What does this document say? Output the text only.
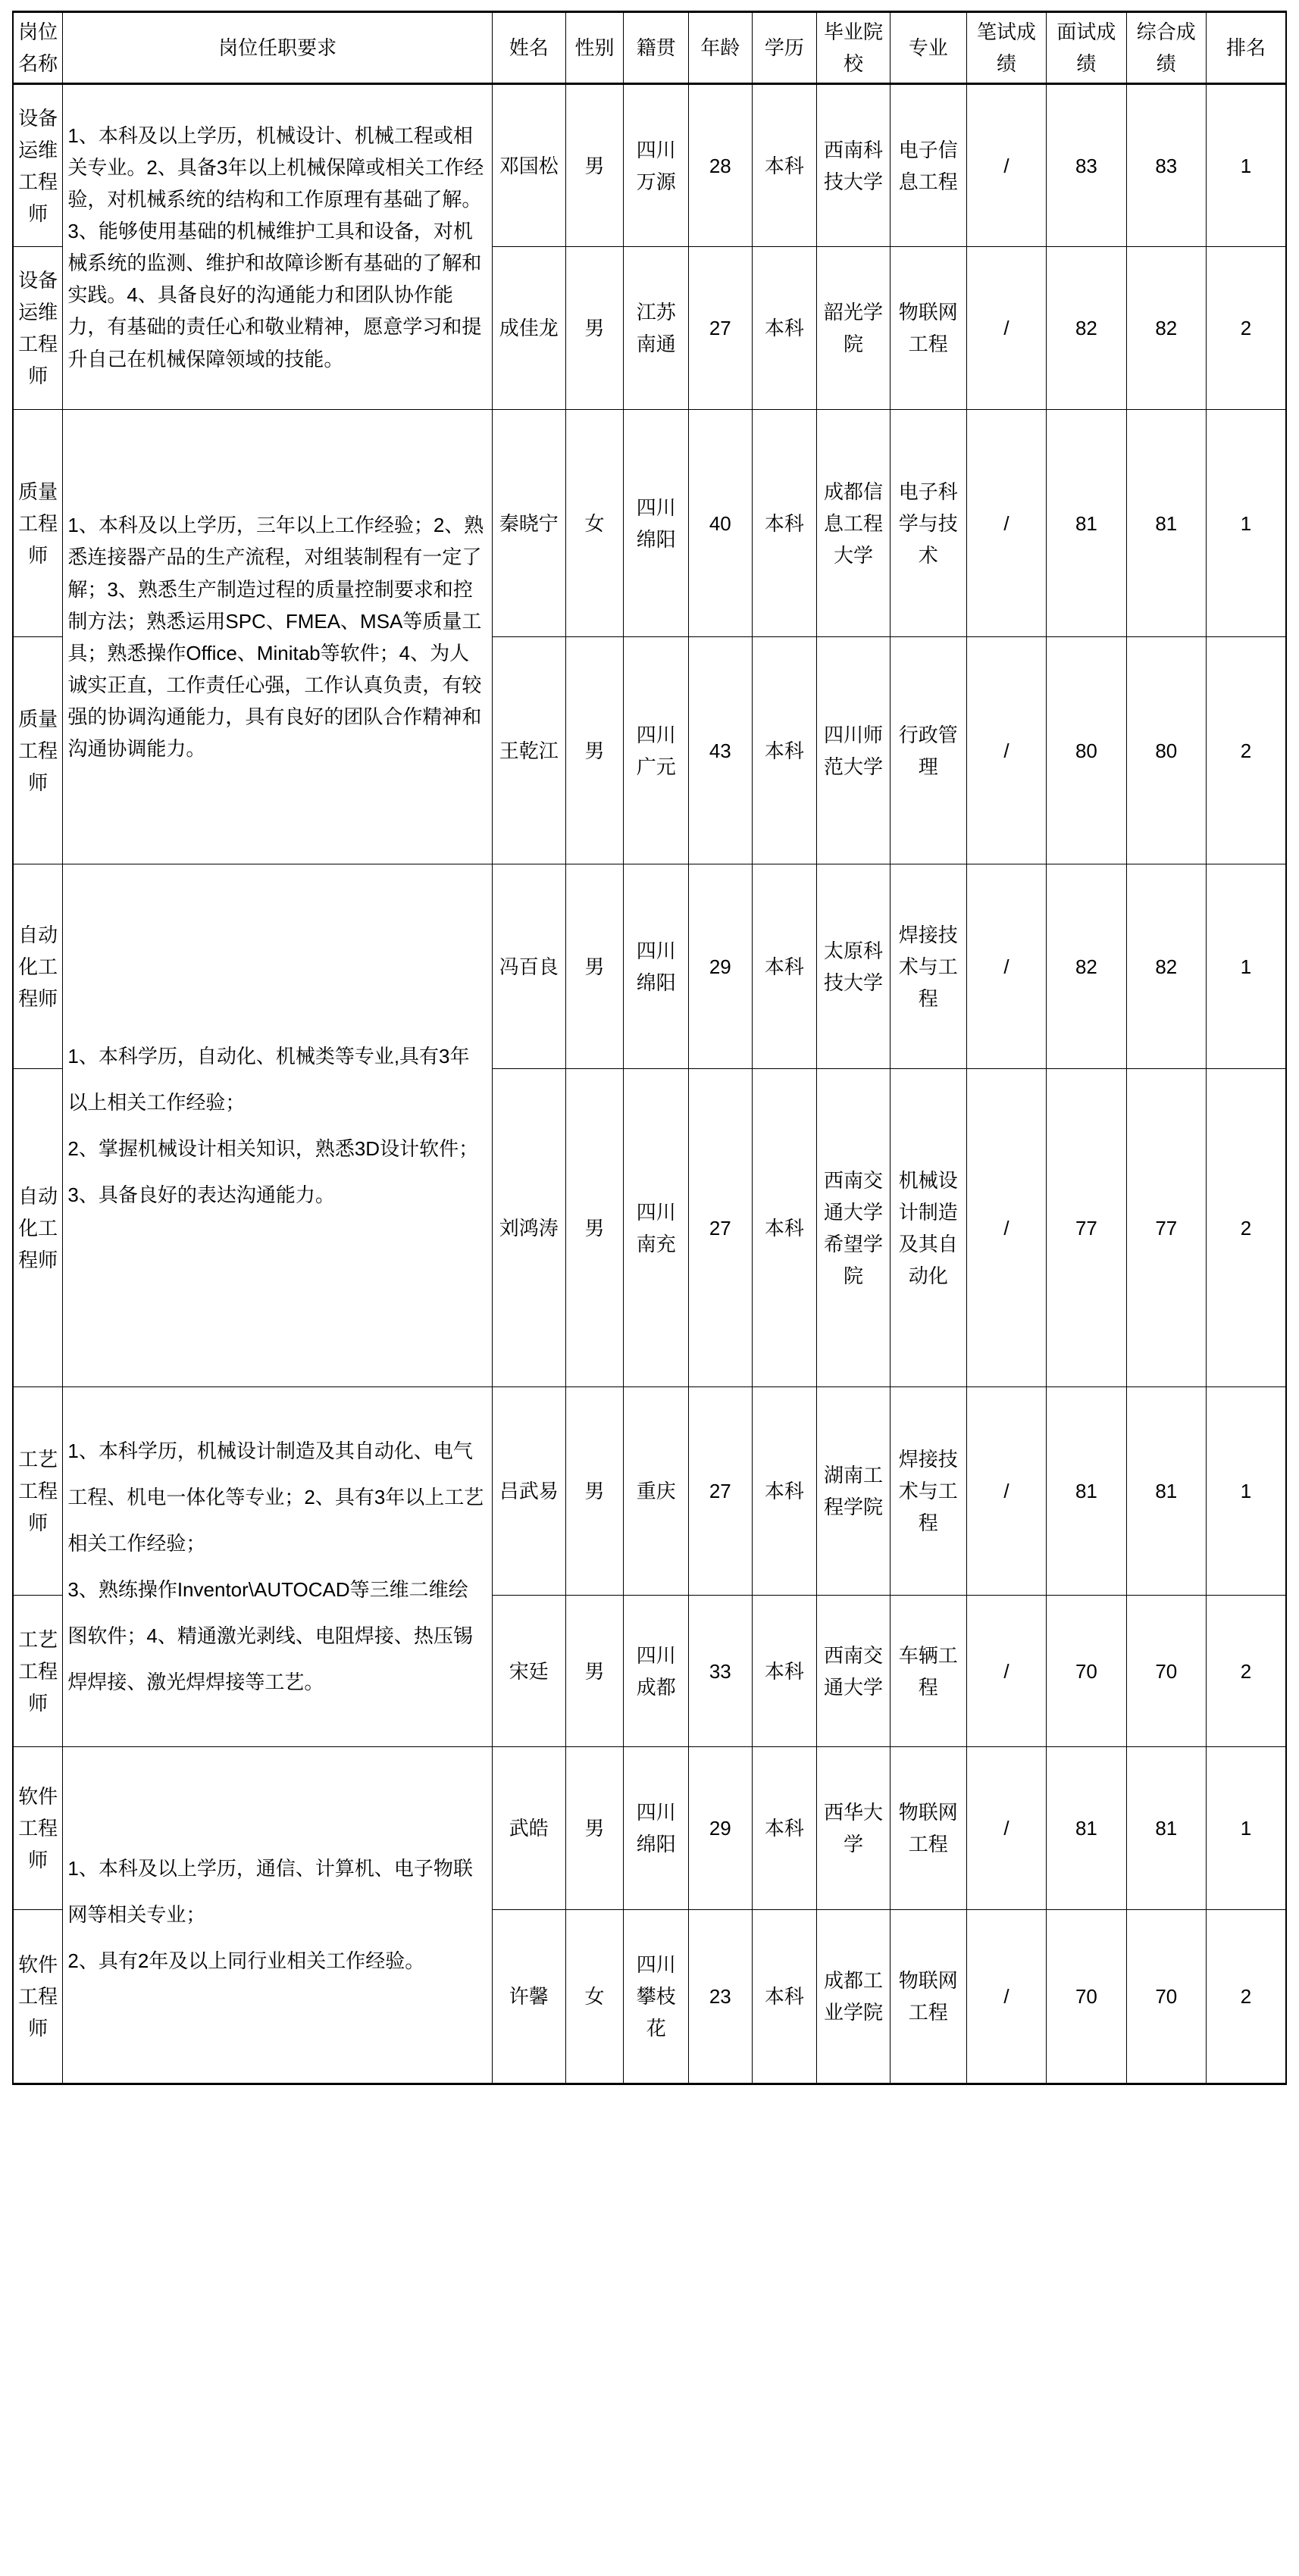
岗位名称	岗位任职要求	姓名	性别	籍贯	年龄	学历	毕业院校	专业	笔试成绩	面试成绩	综合成绩	排名
设备运维工程师	1、本科及以上学历，机械设计、机械工程或相关专业。2、具备3年以上机械保障或相关工作经验，对机械系统的结构和工作原理有基础了解。3、能够使用基础的机械维护工具和设备，对机械系统的监测、维护和故障诊断有基础的了解和实践。4、具备良好的沟通能力和团队协作能力，有基础的责任心和敬业精神，愿意学习和提升自己在机械保障领域的技能。	邓国松	男	四川万源	28	本科	西南科技大学	电子信息工程	/	83	83	1
设备运维工程师		成佳龙	男	江苏南通	27	本科	韶光学院	物联网工程	/	82	82	2
质量工程师	1、本科及以上学历，三年以上工作经验；2、熟悉连接器产品的生产流程，对组装制程有一定了解；3、熟悉生产制造过程的质量控制要求和控制方法；熟悉运用SPC、FMEA、MSA等质量工具；熟悉操作Office、Minitab等软件；4、为人诚实正直，工作责任心强，工作认真负责，有较强的协调沟通能力，具有良好的团队合作精神和沟通协调能力。	秦晓宁	女	四川绵阳	40	本科	成都信息工程大学	电子科学与技术	/	81	81	1
质量工程师		王乾江	男	四川广元	43	本科	四川师范大学	行政管理	/	80	80	2
自动化工程师	1、本科学历，自动化、机械类等专业,具有3年以上相关工作经验；
2、掌握机械设计相关知识，熟悉3D设计软件；
3、具备良好的表达沟通能力。	冯百良	男	四川绵阳	29	本科	太原科技大学	焊接技术与工程	/	82	82	1
自动化工程师		刘鸿涛	男	四川南充	27	本科	西南交通大学希望学院	机械设计制造及其自动化	/	77	77	2
工艺工程师	1、本科学历，机械设计制造及其自动化、电气工程、机电一体化等专业；2、具有3年以上工艺相关工作经验；
3、熟练操作Inventor\AUTOCAD等三维二维绘图软件；4、精通激光剥线、电阻焊接、热压锡焊焊接、激光焊焊接等工艺。	吕武易	男	重庆	27	本科	湖南工程学院	焊接技术与工程	/	81	81	1
工艺工程师		宋廷	男	四川成都	33	本科	西南交通大学	车辆工程	/	70	70	2
软件工程师	1、本科及以上学历，通信、计算机、电子物联网等相关专业；
2、具有2年及以上同行业相关工作经验。	武皓	男	四川绵阳	29	本科	西华大学	物联网工程	/	81	81	1
软件工程师		许馨	女	四川攀枝花	23	本科	成都工业学院	物联网工程	/	70	70	2
